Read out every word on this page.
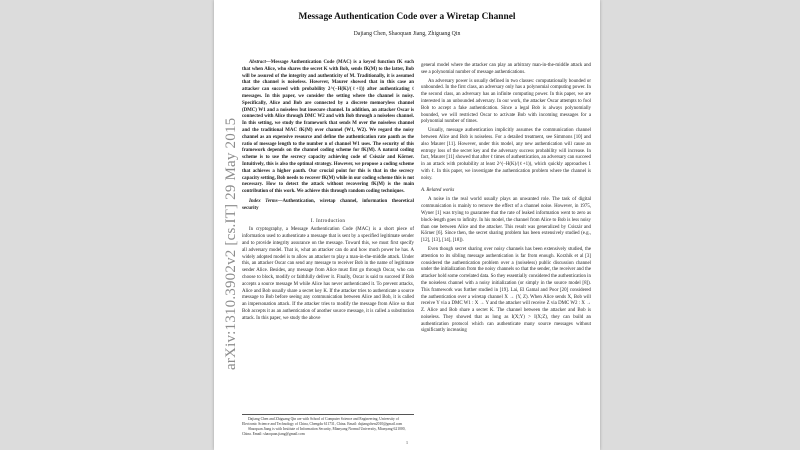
Message Authentication Code over a Wiretap Channel
Dajiang Chen, Shaoquan Jiang, Zhiguang Qin

Abstract—Message Authentication Code (MAC) is a keyed function fK such that when Alice, who shares the secret K with Bob, sends fK(M) to the latter, Bob will be assured of the integrity and authenticity of M. Traditionally, it is assumed that the channel is noiseless. However, Maurer showed that in this case an attacker can succeed with probability 2^(−H(K)/(ℓ+1)) after authenticating ℓ messages. In this paper, we consider the setting where the channel is noisy. Specifically, Alice and Bob are connected by a discrete memoryless channel (DMC) W1 and a noiseless but insecure channel. In addition, an attacker Oscar is connected with Alice through DMC W2 and with Bob through a noiseless channel. In this setting, we study the framework that sends M over the noiseless channel and the traditional MAC fK(M) over channel (W1, W2). We regard the noisy channel as an expensive resource and define the authentication rate ρauth as the ratio of message length to the number n of channel W1 uses. The security of this framework depends on the channel coding scheme for fK(M). A natural coding scheme is to use the secrecy capacity achieving code of Csiszár and Körner. Intuitively, this is also the optimal strategy. However, we propose a coding scheme that achieves a higher ρauth. Our crucial point for this is that in the secrecy capacity setting, Bob needs to recover fK(M) while in our coding scheme this is not necessary. How to detect the attack without recovering fK(M) is the main contribution of this work. We achieve this through random coding techniques.

Index Terms—Authentication, wiretap channel, information theoretical security

I. Introduction

In cryptography, a Message Authentication Code (MAC) is a short piece of information used to authenticate a message that is sent by a specified legitimate sender and to provide integrity assurance on the message. Toward this, we must first specify all adversary model. That is, what an attacker can do and how much power he has. A widely adopted model is to allow an attacker to play a man-in-the-middle attack. Under this, an attacker Oscar can send any message to receiver Bob in the name of legitimate sender Alice. Besides, any message from Alice must first go through Oscar, who can choose to block, modify or faithfully deliver it. Finally, Oscar is said to succeed if Bob accepts a source message M while Alice has never authenticated it. To prevent attacks, Alice and Bob usually share a secret key K. If the attacker tries to authenticate a source message to Bob before seeing any communication between Alice and Bob, it is called an impersonation attack. If the attacker tries to modify the message from Alice so that Bob accepts it as an authentication of another source message, it is called a substitution attack. In this paper, we study the above

Dajiang Chen and Zhiguang Qin are with School of Computer Science and Engineering, University of Electronic Science and Technology of China, Chengdu 611731, China. Email: dajiangchen2010@gmail.com

Shaoquan Jiang is with Institute of Information Security, Mianyang Normal University, Mianyang 621000, China. Email: shaoquan.jiang@gmail.com

general model where the attacker can play an arbitrary man-in-the-middle attack and see a polynomial number of message authentications.

An adversary power is usually defined in two classes: computationally bounded or unbounded. In the first class, an adversary only has a polynomial computing power. In the second class, an adversary has an infinite computing power. In this paper, we are interested in an unbounded adversary. In our work, the attacker Oscar attempts to fool Bob to accept a fake authentication. Since a legal Bob is always polynomially bounded, we will restricted Oscar to activate Bob with incoming messages for a polynomial number of times.

Usually, message authentication implicitly assumes the communication channel between Alice and Bob is noiseless. For a detailed treatment, see Simmons [10] and also Maurer [11]. However, under this model, any new authentication will cause an entropy loss of the secret key and the adversary success probability will increase. In fact, Maurer [11] showed that after ℓ times of authentication, an adversary can succeed in an attack with probability at least 2^(−H(K)/(ℓ+1)), which quickly approaches 1 with ℓ. In this paper, we investigate the authentication problem where the channel is noisy.

A. Related works

A noise in the real world usually plays an unwanted role. The task of digital communication is mainly to remove the effect of a channel noise. However, in 1975, Wyner [1] was trying to guarantee that the rate of leaked information went to zero as block-length goes to infinity. In his model, the channel from Alice to Bob is less noisy than one between Alice and the attacker. This result was generalized by Csiszár and Körner [6]. Since then, the secret sharing problem has been extensively studied (e.g., [12], [13], [14], [18]).

Even though secret sharing over noisy channels has been extensively studied, the attention to its sibling message authentication is far from enough. Korzhik et al [3] considered the authentication problem over a (noiseless) public discussion channel under the initialization from the noisy channels so that the sender, the receiver and the attacker hold some correlated data. So they essentially considered the authentication in the noiseless channel with a noisy initialization (or simply in the source model [8]). This framework was further studied in [19]. Lai, El Gamal and Poor [20] considered the authentication over a wiretap channel X → (Y, Z). When Alice sends X, Bob will receive Y via a DMC W1 : X → Y and the attacker will receive Z via DMC W2 : X → Z. Alice and Bob share a secret K. The channel between the attacker and Bob is noiseless. They showed that as long as I(X;Y) > I(X;Z), they can build an authentication protocol which can authenticate many source messages without significantly increasing

1
arXiv:1310.3902v2 [cs.IT] 29 May 2015
